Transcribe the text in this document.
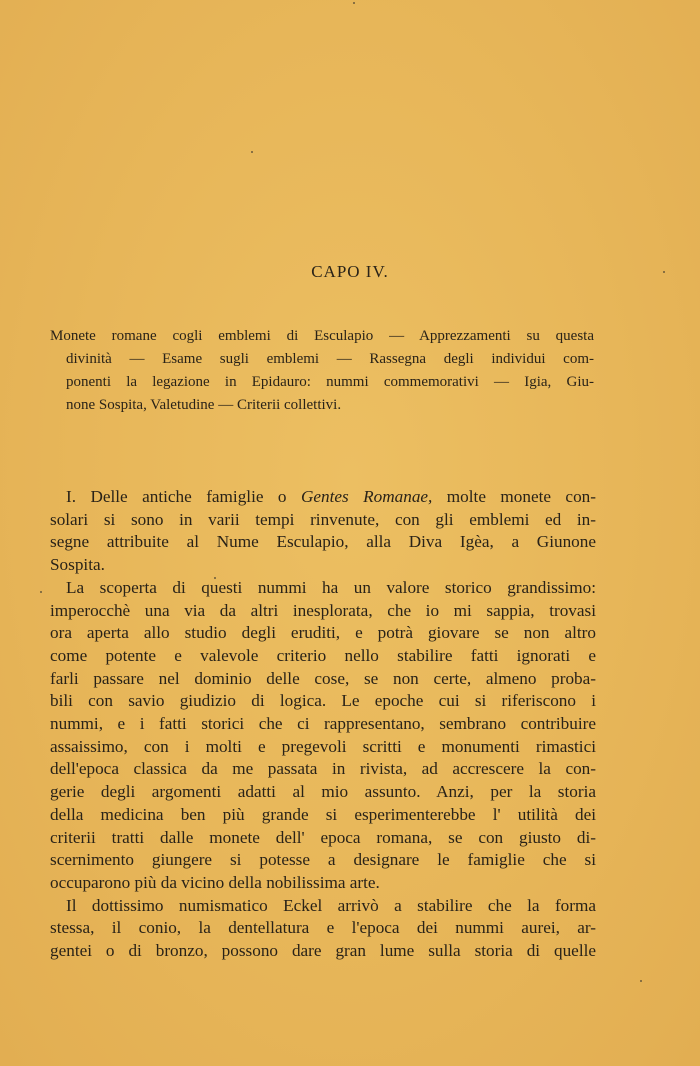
CAPO IV.
Monete romane cogli emblemi di Esculapio — Apprezzamenti su questa
divinità — Esame sugli emblemi — Rassegna degli individui com-
ponenti la legazione in Epidauro: nummi commemorativi — Igia, Giu-
none Sospita, Valetudine — Criterii collettivi.
I. Delle antiche famiglie o Gentes Romanae, molte monete con-
solari si sono in varii tempi rinvenute, con gli emblemi ed in-
segne attribuite al Nume Esculapio, alla Diva Igèa, a Giunone
Sospita.
La scoperta di questi nummi ha un valore storico grandissimo:
imperocchè una via da altri inesplorata, che io mi sappia, trovasi
ora aperta allo studio degli eruditi, e potrà giovare se non altro
come potente e valevole criterio nello stabilire fatti ignorati e
farli passare nel dominio delle cose, se non certe, almeno proba-
bili con savio giudizio di logica. Le epoche cui si riferiscono i
nummi, e i fatti storici che ci rappresentano, sembrano contribuire
assaissimo, con i molti e pregevoli scritti e monumenti rimastici
dell'epoca classica da me passata in rivista, ad accrescere la con-
gerie degli argomenti adatti al mio assunto. Anzi, per la storia
della medicina ben più grande si esperimenterebbe l' utilità dei
criterii tratti dalle monete dell' epoca romana, se con giusto di-
scernimento giungere si potesse a designare le famiglie che si
occuparono più da vicino della nobilissima arte.
Il dottissimo numismatico Eckel arrivò a stabilire che la forma
stessa, il conio, la dentellatura e l'epoca dei nummi aurei, ar-
gentei o di bronzo, possono dare gran lume sulla storia di quelle
